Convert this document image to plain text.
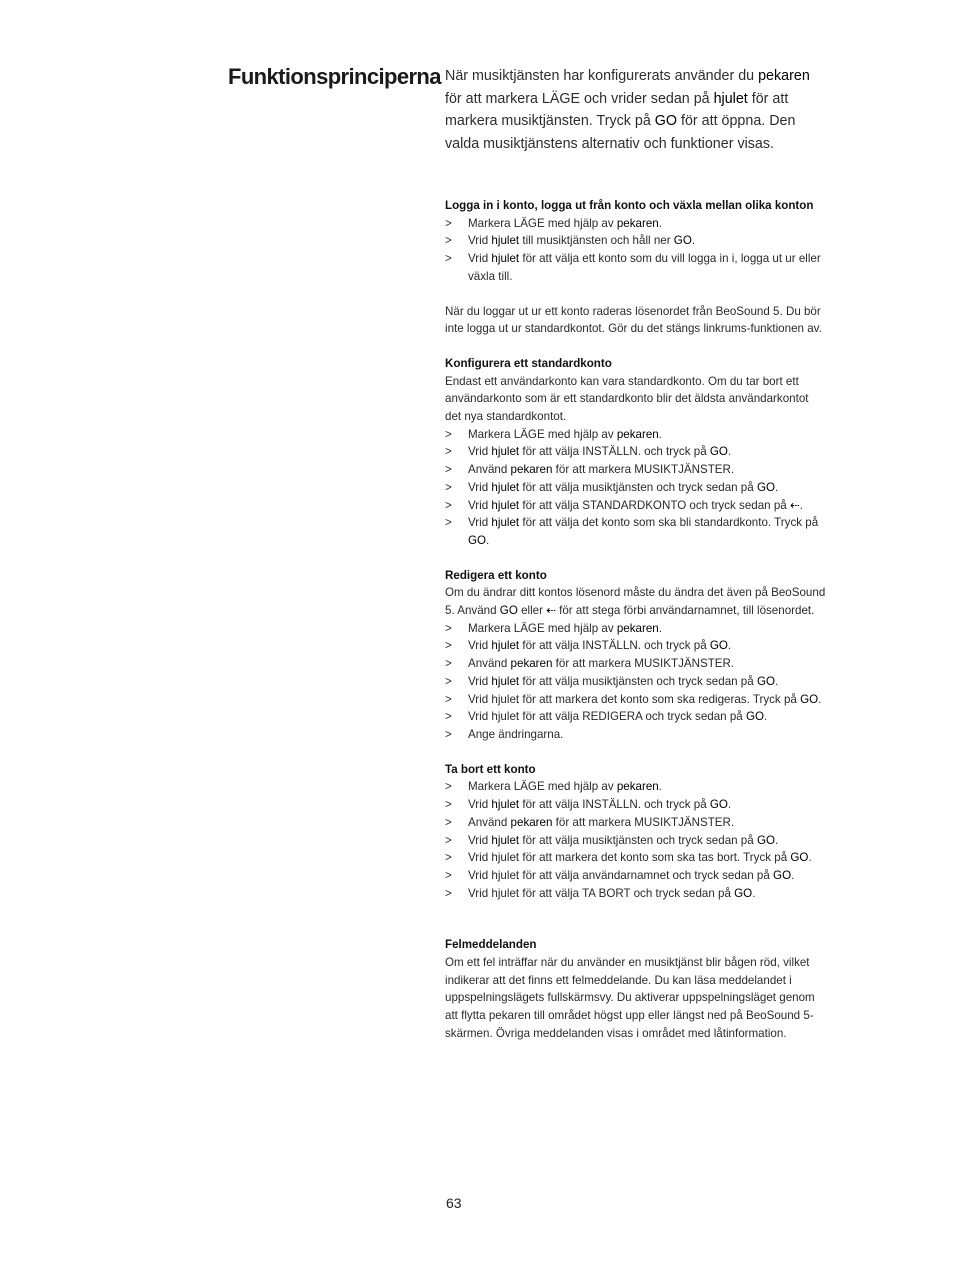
Funktionsprinciperna När musiktjänsten har konfigurerats använder du pekaren för att markera LÄGE och vrider sedan på hjulet för att markera musiktjänsten. Tryck på GO för att öppna. Den valda musiktjänstens alternativ och funktioner visas.

Logga in i konto, logga ut från konto och växla mellan olika konton
> Markera LÄGE med hjälp av pekaren.
> Vrid hjulet till musiktjänsten och håll ner GO.
> Vrid hjulet för att välja ett konto som du vill logga in i, logga ut ur eller växla till.

När du loggar ut ur ett konto raderas lösenordet från BeoSound 5. Du bör inte logga ut ur standardkontot. Gör du det stängs linkrums-funktionen av.

Konfigurera ett standardkonto

Endast ett användarkonto kan vara standardkonto. Om du tar bort ett användarkonto som är ett standardkonto blir det äldsta användarkontot det nya standardkontot.

> Markera LÄGE med hjälp av pekaren.
> Vrid hjulet för att välja INSTÄLLN. och tryck på GO.
> Använd pekaren för att markera MUSIKTJÄNSTER.
> Vrid hjulet för att välja musiktjänsten och tryck sedan på GO.
> Vrid hjulet för att välja STANDARDKONTO och tryck sedan på ⇠.
> Vrid hjulet för att välja det konto som ska bli standardkonto. Tryck på GO.
Redigera ett konto

Om du ändrar ditt kontos lösenord måste du ändra det även på BeoSound 5. Använd GO eller ⇠ för att stega förbi användarnamnet, till lösenordet.

> Markera LÄGE med hjälp av pekaren.
> Vrid hjulet för att välja INSTÄLLN. och tryck på GO.
> Använd pekaren för att markera MUSIKTJÄNSTER.
> Vrid hjulet för att välja musiktjänsten och tryck sedan på GO.
> Vrid hjulet för att markera det konto som ska redigeras. Tryck på GO.
> Vrid hjulet för att välja REDIGERA och tryck sedan på GO.
> Ange ändringarna.
Ta bort ett konto
> Markera LÄGE med hjälp av pekaren.
> Vrid hjulet för att välja INSTÄLLN. och tryck på GO.
> Använd pekaren för att markera MUSIKTJÄNSTER.
> Vrid hjulet för att välja musiktjänsten och tryck sedan på GO.
> Vrid hjulet för att markera det konto som ska tas bort. Tryck på GO.
> Vrid hjulet för att välja användarnamnet och tryck sedan på GO.
> Vrid hjulet för att välja TA BORT och tryck sedan på GO.
Felmeddelanden

Om ett fel inträffar när du använder en musiktjänst blir bågen röd, vilket indikerar att det finns ett felmeddelande. Du kan läsa meddelandet i uppspelningslägets fullskärmsvy. Du aktiverar uppspelningsläget genom att flytta pekaren till området högst upp eller längst ned på BeoSound 5-skärmen. Övriga meddelanden visas i området med låtinformation.

63
